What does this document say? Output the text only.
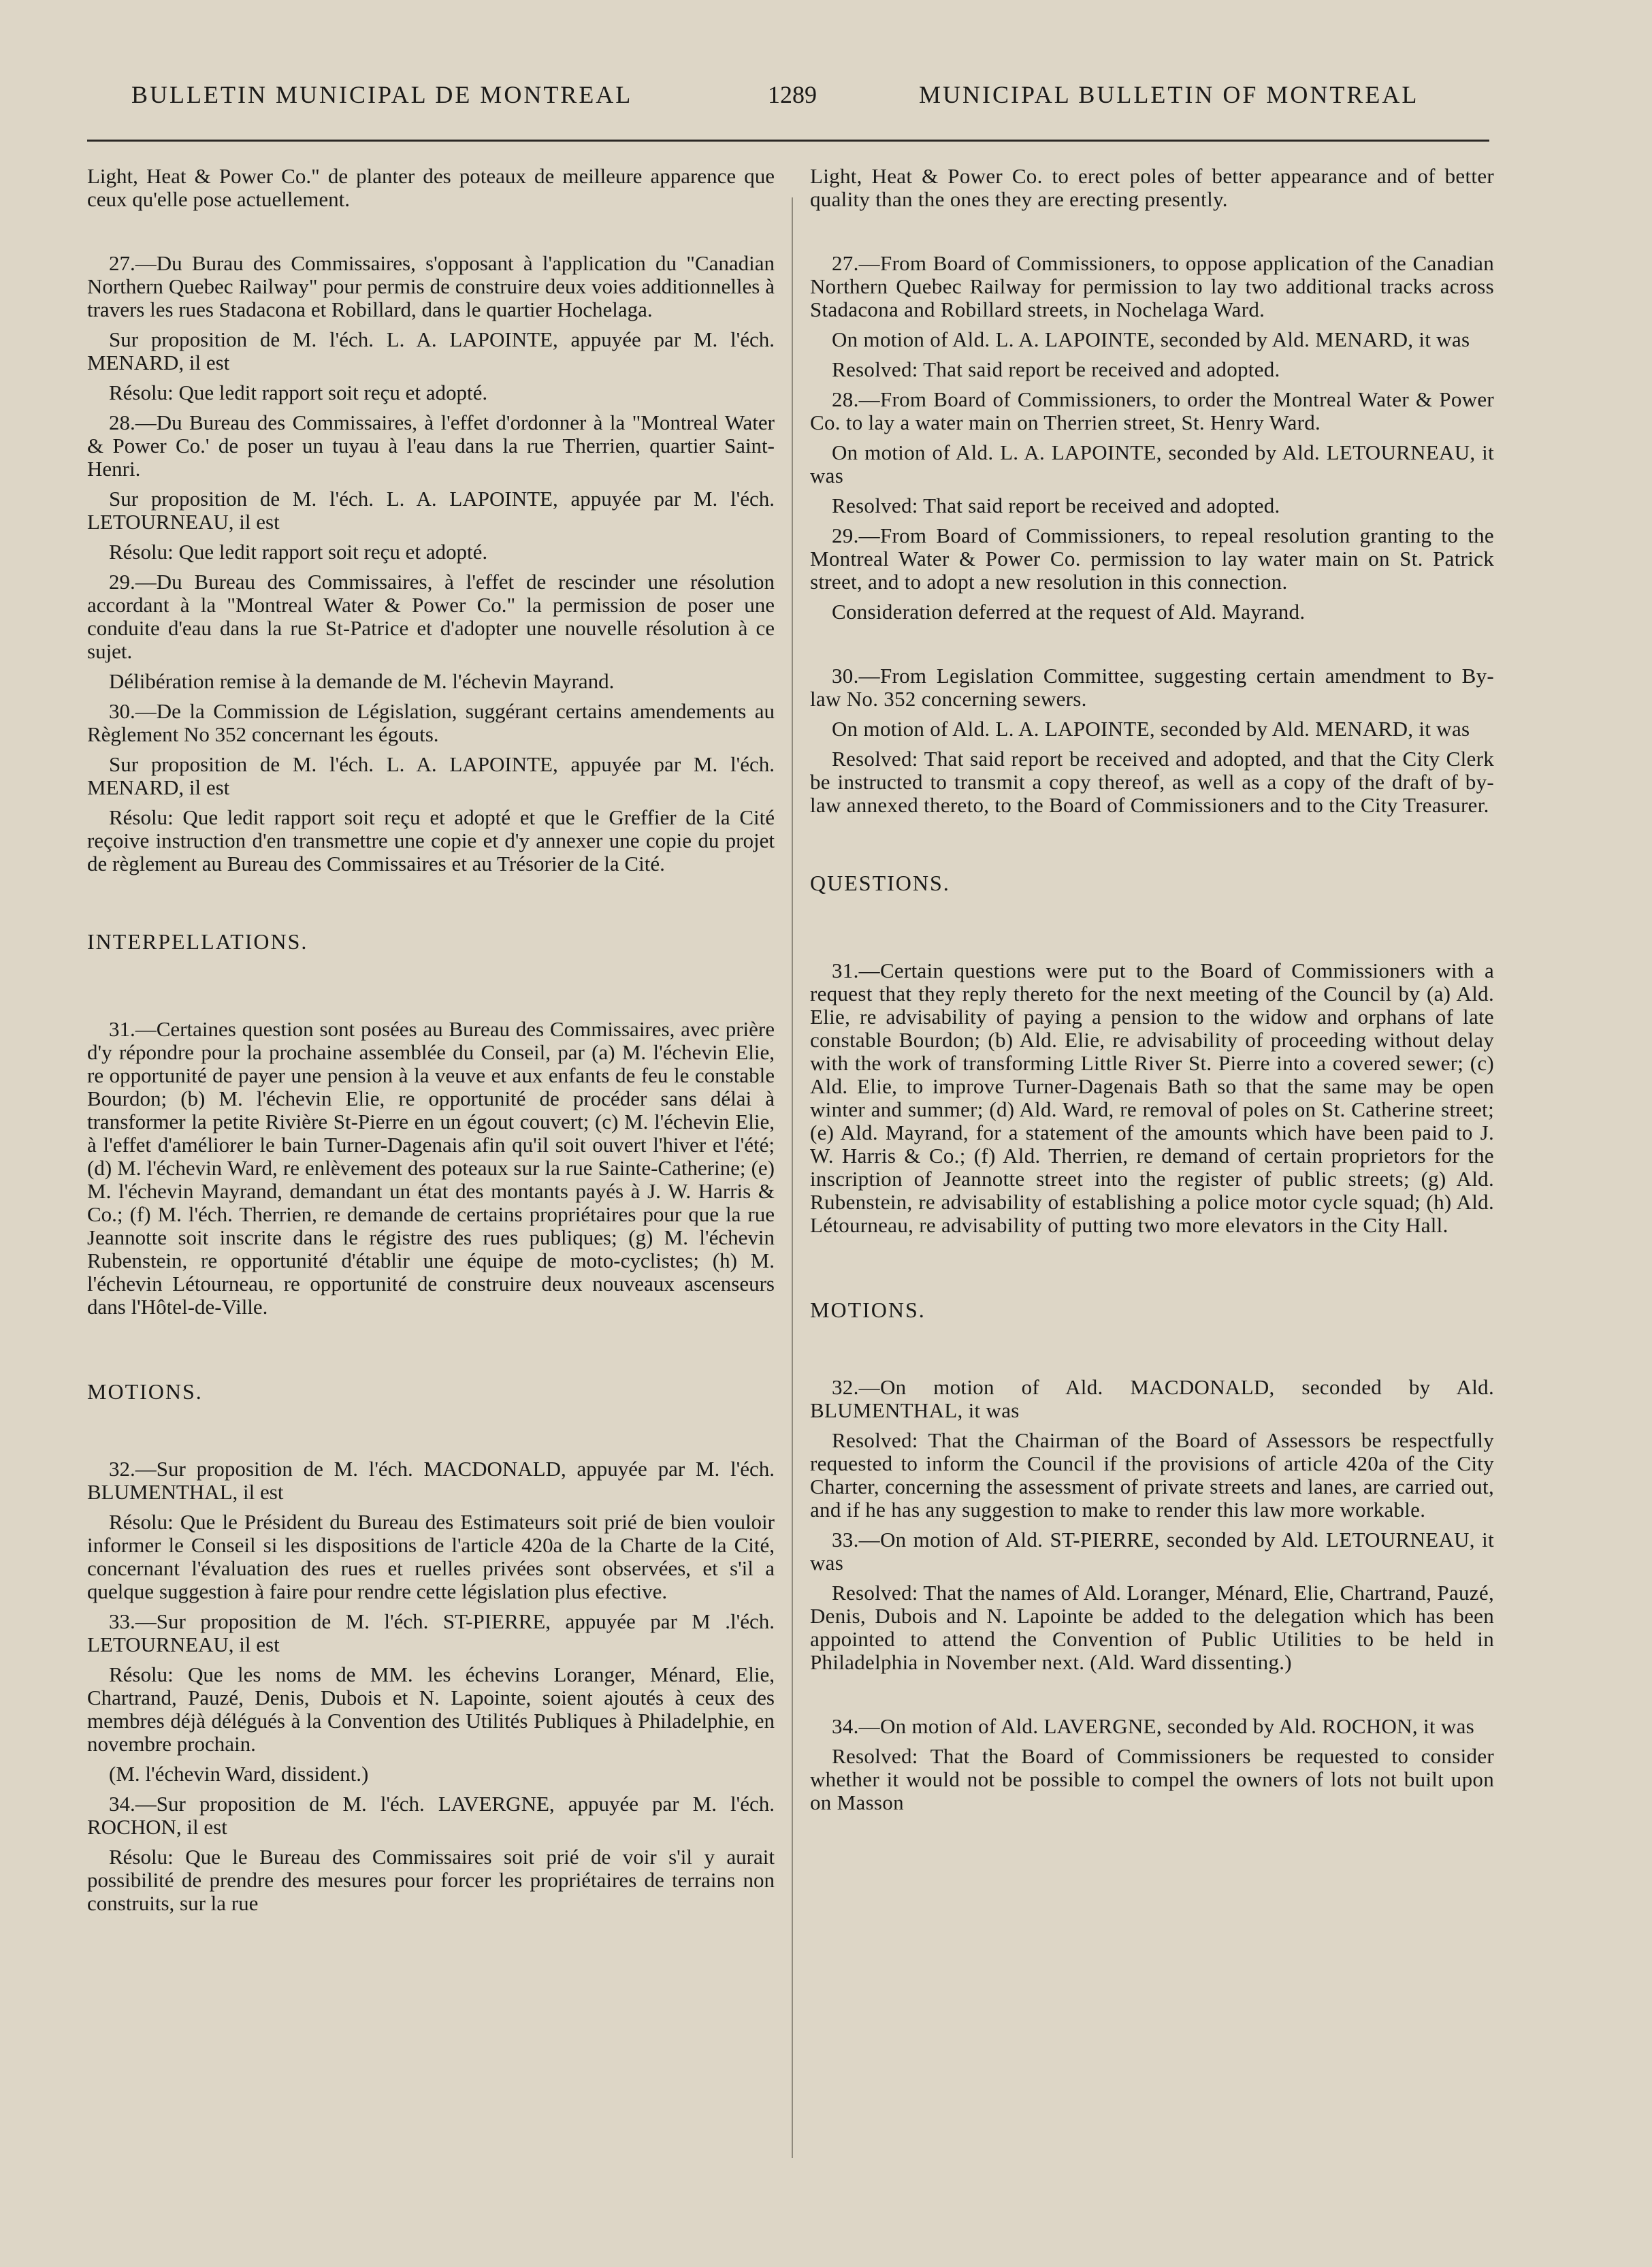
BULLETIN MUNICIPAL DE MONTREAL	1289	MUNICIPAL BULLETIN OF MONTREAL

Light, Heat & Power Co." de planter des poteaux de meilleure apparence que ceux qu'elle pose actuellement.

27.—Du Burau des Commissaires, s'opposant à l'application du "Canadian Northern Quebec Railway" pour permis de construire deux voies additionnelles à travers les rues Stadacona et Robillard, dans le quartier Hochelaga.

Sur proposition de M. l'éch. L. A. LAPOINTE, appuyée par M. l'éch. MENARD, il est

Résolu: Que ledit rapport soit reçu et adopté.

28.—Du Bureau des Commissaires, à l'effet d'ordonner à la "Montreal Water & Power Co.' de poser un tuyau à l'eau dans la rue Therrien, quartier Saint-Henri.

Sur proposition de M. l'éch. L. A. LAPOINTE, appuyée par M. l'éch. LETOURNEAU, il est

Résolu: Que ledit rapport soit reçu et adopté.

29.—Du Bureau des Commissaires, à l'effet de rescinder une résolution accordant à la "Montreal Water & Power Co." la permission de poser une conduite d'eau dans la rue St-Patrice et d'adopter une nouvelle résolution à ce sujet.

Délibération remise à la demande de M. l'échevin Mayrand.

30.—De la Commission de Législation, suggérant certains amendements au Règlement No 352 concernant les égouts.

Sur proposition de M. l'éch. L. A. LAPOINTE, appuyée par M. l'éch. MENARD, il est

Résolu: Que ledit rapport soit reçu et adopté et que le Greffier de la Cité reçoive instruction d'en transmettre une copie et d'y annexer une copie du projet de règlement au Bureau des Commissaires et au Trésorier de la Cité.

INTERPELLATIONS.

31.—Certaines question sont posées au Bureau des Commissaires, avec prière d'y répondre pour la prochaine assemblée du Conseil, par (a) M. l'échevin Elie, re opportunité de payer une pension à la veuve et aux enfants de feu le constable Bourdon; (b) M. l'échevin Elie, re opportunité de procéder sans délai à transformer la petite Rivière St-Pierre en un égout couvert; (c) M. l'échevin Elie, à l'effet d'améliorer le bain Turner-Dagenais afin qu'il soit ouvert l'hiver et l'été; (d) M. l'échevin Ward, re enlèvement des poteaux sur la rue Sainte-Catherine; (e) M. l'échevin Mayrand, demandant un état des montants payés à J. W. Harris & Co.; (f) M. l'éch. Therrien, re demande de certains propriétaires pour que la rue Jeannotte soit inscrite dans le régistre des rues publiques; (g) M. l'échevin Rubenstein, re opportunité d'établir une équipe de moto-cyclistes; (h) M. l'échevin Létourneau, re opportunité de construire deux nouveaux ascenseurs dans l'Hôtel-de-Ville.

MOTIONS.

32.—Sur proposition de M. l'éch. MACDONALD, appuyée par M. l'éch. BLUMENTHAL, il est

Résolu: Que le Président du Bureau des Estimateurs soit prié de bien vouloir informer le Conseil si les dispositions de l'article 420a de la Charte de la Cité, concernant l'évaluation des rues et ruelles privées sont observées, et s'il a quelque suggestion à faire pour rendre cette législation plus efective.

33.—Sur proposition de M. l'éch. ST-PIERRE, appuyée par M .l'éch. LETOURNEAU, il est

Résolu: Que les noms de MM. les échevins Loranger, Ménard, Elie, Chartrand, Pauzé, Denis, Dubois et N. Lapointe, soient ajoutés à ceux des membres déjà délégués à la Convention des Utilités Publiques à Philadelphie, en novembre prochain.

(M. l'échevin Ward, dissident.)

34.—Sur proposition de M. l'éch. LAVERGNE, appuyée par M. l'éch. ROCHON, il est

Résolu: Que le Bureau des Commissaires soit prié de voir s'il y aurait possibilité de prendre des mesures pour forcer les propriétaires de terrains non construits, sur la rue

Light, Heat & Power Co. to erect poles of better appearance and of better quality than the ones they are erecting presently.

27.—From Board of Commissioners, to oppose application of the Canadian Northern Quebec Railway for permission to lay two additional tracks across Stadacona and Robillard streets, in Nochelaga Ward.

On motion of Ald. L. A. LAPOINTE, seconded by Ald. MENARD, it was

Resolved: That said report be received and adopted.

28.—From Board of Commissioners, to order the Montreal Water & Power Co. to lay a water main on Therrien street, St. Henry Ward.

On motion of Ald. L. A. LAPOINTE, seconded by Ald. LETOURNEAU, it was

Resolved: That said report be received and adopted.

29.—From Board of Commissioners, to repeal resolution granting to the Montreal Water & Power Co. permission to lay water main on St. Patrick street, and to adopt a new resolution in this connection.

Consideration deferred at the request of Ald. Mayrand.

30.—From Legislation Committee, suggesting certain amendment to By-law No. 352 concerning sewers.

On motion of Ald. L. A. LAPOINTE, seconded by Ald. MENARD, it was

Resolved: That said report be received and adopted, and that the City Clerk be instructed to transmit a copy thereof, as well as a copy of the draft of by-law annexed thereto, to the Board of Commissioners and to the City Treasurer.

QUESTIONS.

31.—Certain questions were put to the Board of Commissioners with a request that they reply thereto for the next meeting of the Council by (a) Ald. Elie, re advisability of paying a pension to the widow and orphans of late constable Bourdon; (b) Ald. Elie, re advisability of proceeding without delay with the work of transforming Little River St. Pierre into a covered sewer; (c) Ald. Elie, to improve Turner-Dagenais Bath so that the same may be open winter and summer; (d) Ald. Ward, re removal of poles on St. Catherine street; (e) Ald. Mayrand, for a statement of the amounts which have been paid to J. W. Harris & Co.; (f) Ald. Therrien, re demand of certain proprietors for the inscription of Jeannotte street into the register of public streets; (g) Ald. Rubenstein, re advisability of establishing a police motor cycle squad; (h) Ald. Létourneau, re advisability of putting two more elevators in the City Hall.

MOTIONS.

32.—On motion of Ald. MACDONALD, seconded by Ald. BLUMENTHAL, it was

Resolved: That the Chairman of the Board of Assessors be respectfully requested to inform the Council if the provisions of article 420a of the City Charter, concerning the assessment of private streets and lanes, are carried out, and if he has any suggestion to make to render this law more workable.

33.—On motion of Ald. ST-PIERRE, seconded by Ald. LETOURNEAU, it was

Resolved: That the names of Ald. Loranger, Ménard, Elie, Chartrand, Pauzé, Denis, Dubois and N. Lapointe be added to the delegation which has been appointed to attend the Convention of Public Utilities to be held in Philadelphia in November next. (Ald. Ward dissenting.)

34.—On motion of Ald. LAVERGNE, seconded by Ald. ROCHON, it was

Resolved: That the Board of Commissioners be requested to consider whether it would not be possible to compel the owners of lots not built upon on Masson
